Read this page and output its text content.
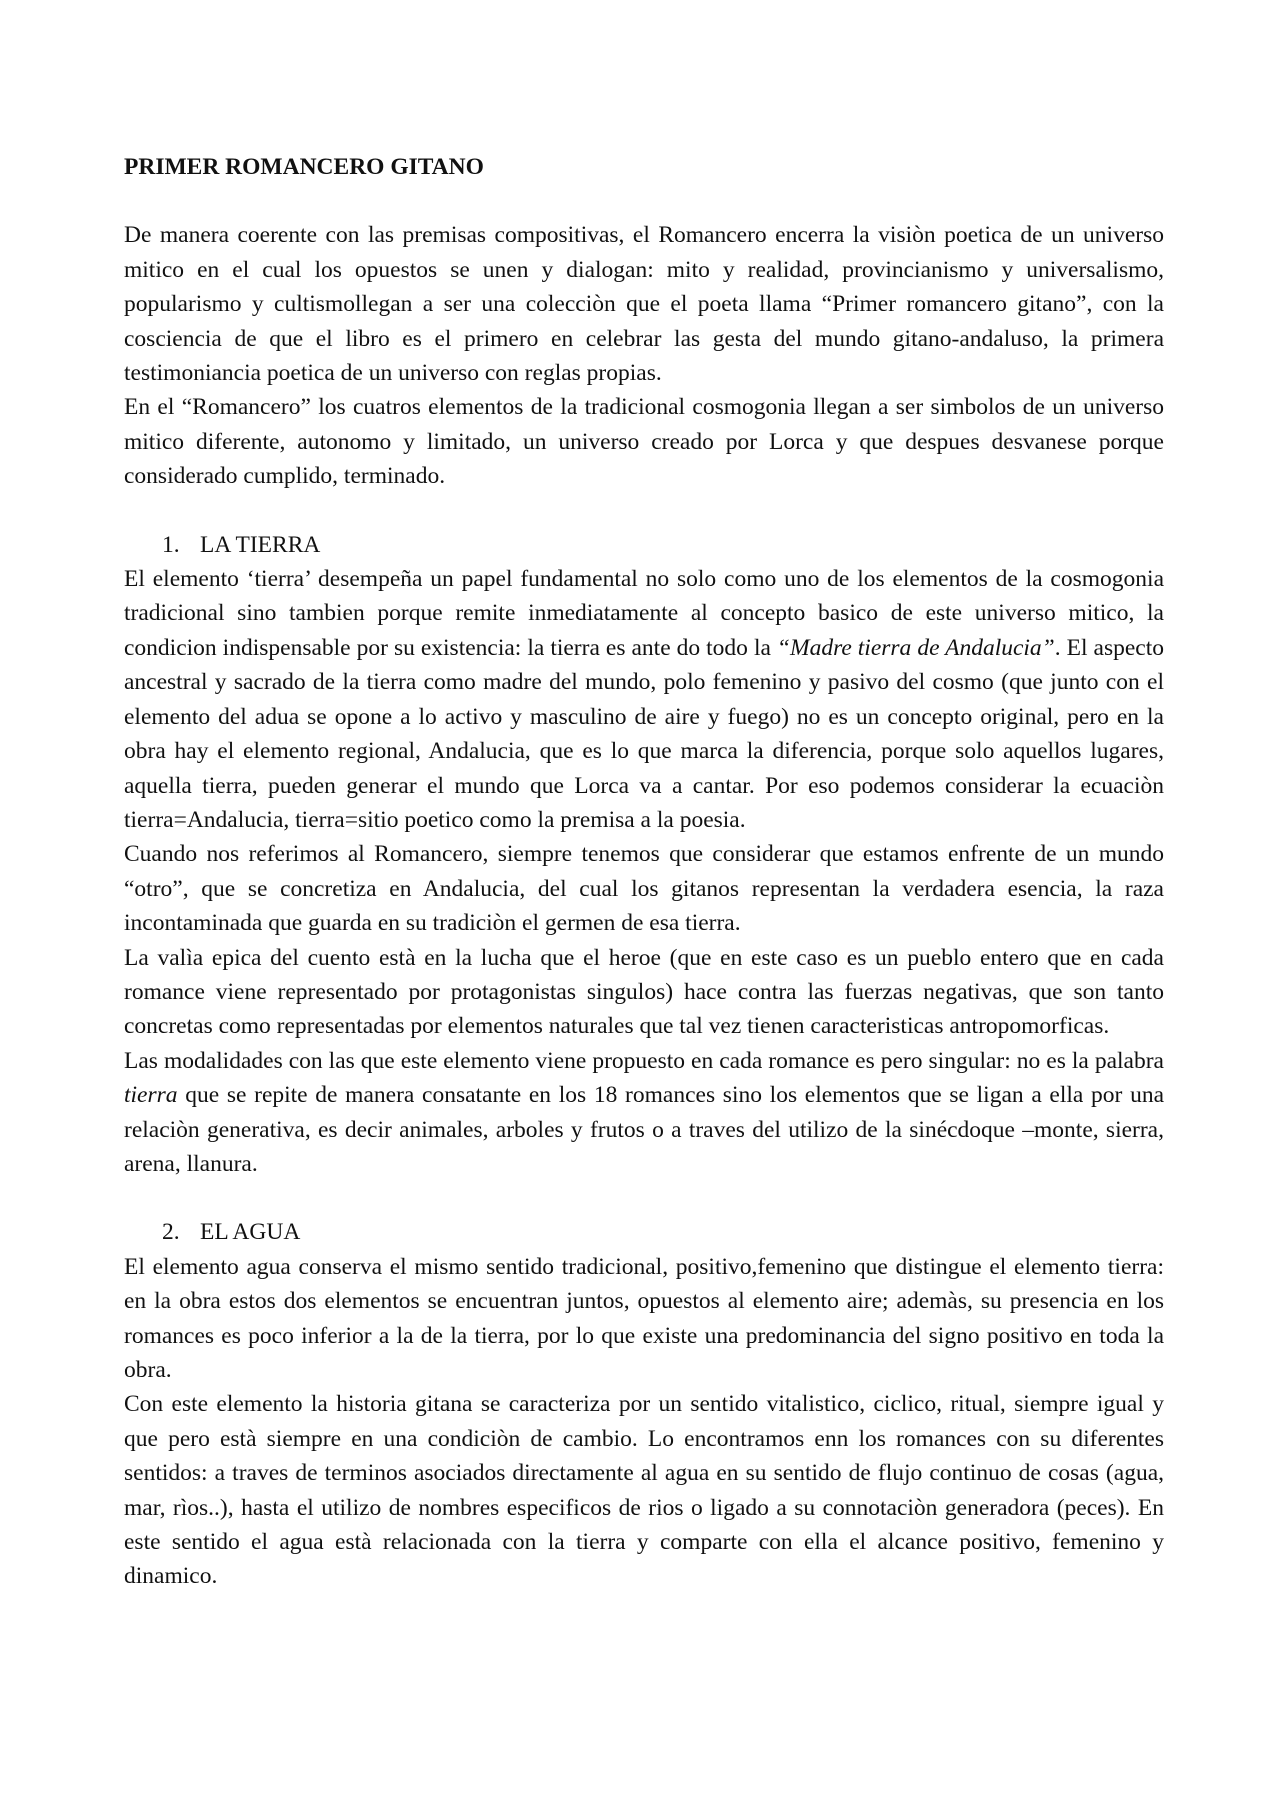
PRIMER ROMANCERO GITANO

De manera coerente con las premisas compositivas, el Romancero encerra la visiòn poetica de un universo mitico en el cual los opuestos se unen y dialogan: mito y realidad, provincianismo y universalismo, popularismo y cultismollegan a ser una colecciòn que el poeta llama “Primer romancero gitano”, con la cosciencia de que el libro es el primero en celebrar las gesta del mundo gitano-andaluso, la primera testimoniancia poetica de un universo con reglas propias.

En el “Romancero” los cuatros elementos de la tradicional cosmogonia llegan a ser simbolos de un universo mitico diferente, autonomo y limitado, un universo creado por Lorca y que despues desvanese porque considerado cumplido, terminado.

1. LA TIERRA

El elemento ‘tierra’ desempeña un papel fundamental no solo como uno de los elementos de la cosmogonia tradicional sino tambien porque remite inmediatamente al concepto basico de este universo mitico, la condicion indispensable por su existencia: la tierra es ante do todo la “Madre tierra de Andalucia”. El aspecto ancestral y sacrado de la tierra como madre del mundo, polo femenino y pasivo del cosmo (que junto con el elemento del adua se opone a lo activo y masculino de aire y fuego) no es un concepto original, pero en la obra hay el elemento regional, Andalucia, que es lo que marca la diferencia, porque solo aquellos lugares, aquella tierra, pueden generar el mundo que Lorca va a cantar. Por eso podemos considerar la ecuaciòn tierra=Andalucia, tierra=sitio poetico como la premisa a la poesia.

Cuando nos referimos al Romancero, siempre tenemos que considerar que estamos enfrente de un mundo “otro”, que se concretiza en Andalucia, del cual los gitanos representan la verdadera esencia, la raza incontaminada que guarda en su tradiciòn el germen de esa tierra.

La valìa epica del cuento està en la lucha que el heroe (que en este caso es un pueblo entero que en cada romance viene representado por protagonistas singulos) hace contra las fuerzas negativas, que son tanto concretas como representadas por elementos naturales que tal vez tienen caracteristicas antropomorficas.

Las modalidades con las que este elemento viene propuesto en cada romance es pero singular: no es la palabra tierra que se repite de manera consatante en los 18 romances sino los elementos que se ligan a ella por una relaciòn generativa, es decir animales, arboles y frutos o a traves del utilizo de la sinécdoque –monte, sierra, arena, llanura.

2. EL AGUA

El elemento agua conserva el mismo sentido tradicional, positivo,femenino que distingue el elemento tierra: en la obra estos dos elementos se encuentran juntos, opuestos al elemento aire; ademàs, su presencia en los romances es poco inferior a la de la tierra, por lo que existe una predominancia del signo positivo en toda la obra.

Con este elemento la historia gitana se caracteriza por un sentido vitalistico, ciclico, ritual, siempre igual y que pero està siempre en una condiciòn de cambio. Lo encontramos enn los romances con su diferentes sentidos: a traves de terminos asociados directamente al agua en su sentido de flujo continuo de cosas (agua, mar, rìos..), hasta el utilizo de nombres especificos de rios o ligado a su connotaciòn generadora (peces). En este sentido el agua està relacionada con la tierra y comparte con ella el alcance positivo, femenino y dinamico.
